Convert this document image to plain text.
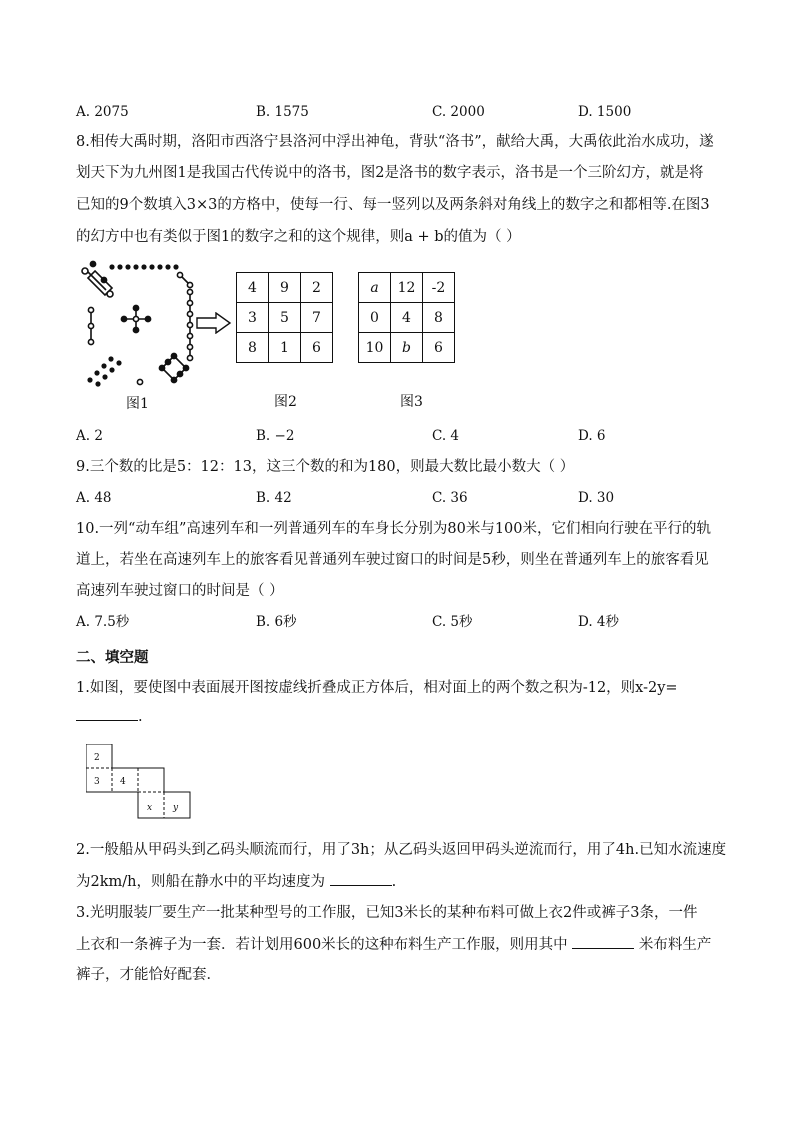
A. 2075	B. 1575	C. 2000	D. 1500
8.相传大禹时期，洛阳市西洛宁县洛河中浮出神龟，背驮“洛书”，献给大禹，大禹依此治水成功，遂
划天下为九州图1是我国古代传说中的洛书，图2是洛书的数字表示，洛书是一个三阶幻方，就是将
已知的9个数填入3×3的方格中，使每一行、每一竖列以及两条斜对角线上的数字之和都相等.在图3
的幻方中也有类似于图1的数字之和的这个规律，则a + b的值为（ ）
4	9	2
3	5	7
8	1	6
a	12	-2
0	4	8
10	b	6
图1	图2	图3
A. 2	B. −2	C. 4	D. 6
9.三个数的比是5：12：13，这三个数的和为180，则最大数比最小数大（ ）
A. 48	B. 42	C. 36	D. 30
10.一列“动车组”高速列车和一列普通列车的车身长分别为80米与100米，它们相向行驶在平行的轨
道上，若坐在高速列车上的旅客看见普通列车驶过窗口的时间是5秒，则坐在普通列车上的旅客看见
高速列车驶过窗口的时间是（ ）
A. 7.5秒	B. 6秒	C. 5秒	D. 4秒
二、填空题
1.如图，要使图中表面展开图按虚线折叠成正方体后，相对面上的两个数之积为-12，则x-2y=
.
2
3 4
x y
2.一般船从甲码头到乙码头顺流而行，用了3h；从乙码头返回甲码头逆流而行，用了4h.已知水流速度
为2km/h，则船在静水中的平均速度为	.
3.光明服装厂要生产一批某种型号的工作服，已知3米长的某种布料可做上衣2件或裤子3条，一件
上衣和一条裤子为一套．若计划用600米长的这种布料生产工作服，则用其中	米布料生产
裤子，才能恰好配套．
